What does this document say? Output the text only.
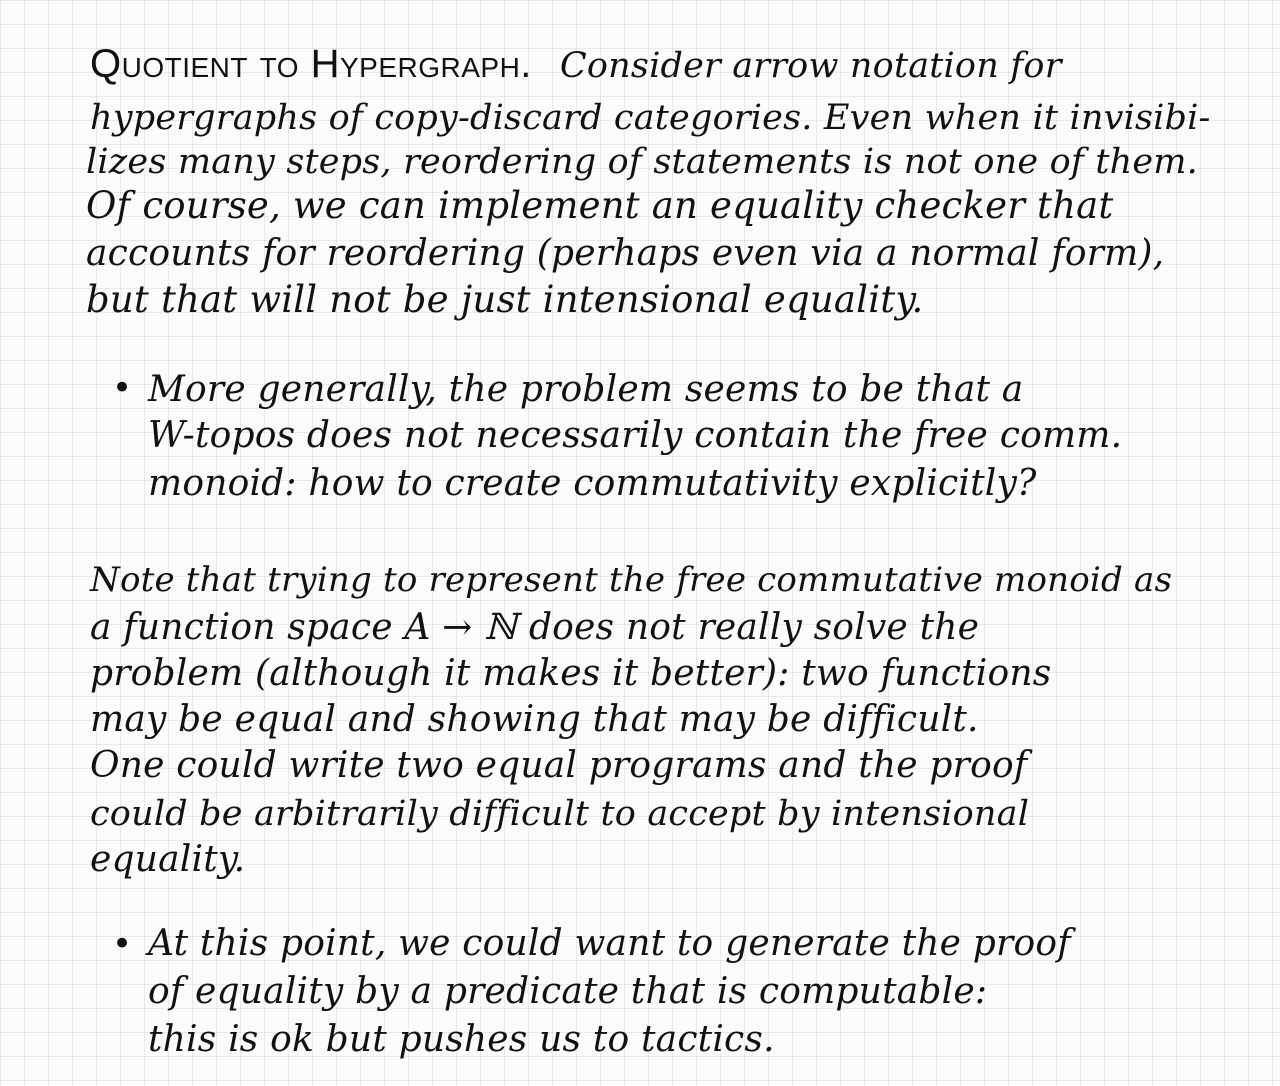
Quotient to Hypergraph. Consider arrow notation for
hypergraphs of copy-discard categories. Even when it invisibi-
lizes many steps, reordering of statements is not one of them.
Of course, we can implement an equality checker that
accounts for reordering (perhaps even via a normal form),
but that will not be just intensional equality.
• More generally, the problem seems to be that a
W-topos does not necessarily contain the free comm.
monoid: how to create commutativity explicitly?
Note that trying to represent the free commutative monoid as
a function space A → ℕ does not really solve the
problem (although it makes it better): two functions
may be equal and showing that may be difficult.
One could write two equal programs and the proof
could be arbitrarily difficult to accept by intensional
equality.
• At this point, we could want to generate the proof
of equality by a predicate that is computable:
this is ok but pushes us to tactics.
